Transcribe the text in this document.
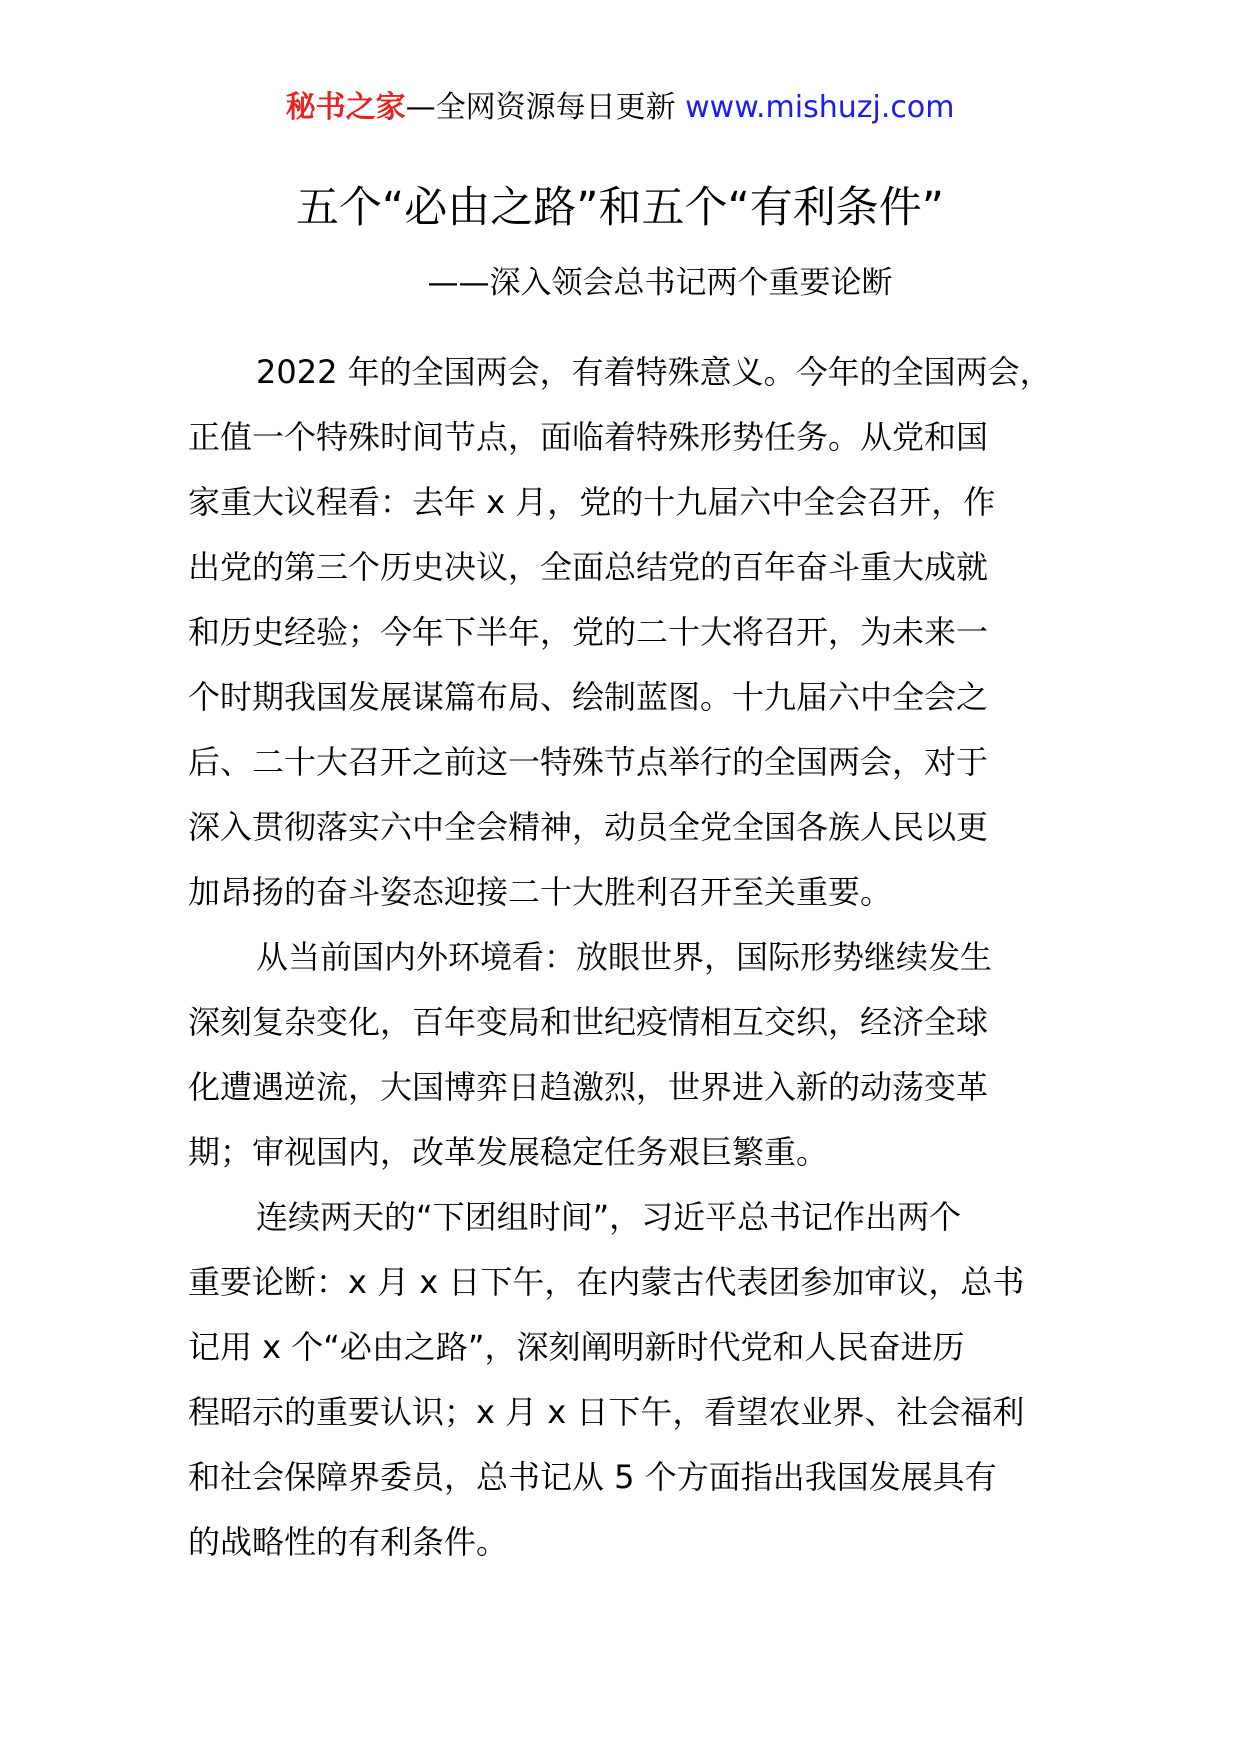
秘书之家—全网资源每日更新 www.mishuzj.com
五个“必由之路”和五个“有利条件”
——深入领会总书记两个重要论断
2022 年的全国两会，有着特殊意义。今年的全国两会，
正值一个特殊时间节点，面临着特殊形势任务。从党和国
家重大议程看：去年 x 月，党的十九届六中全会召开，作
出党的第三个历史决议，全面总结党的百年奋斗重大成就
和历史经验；今年下半年，党的二十大将召开，为未来一
个时期我国发展谋篇布局、绘制蓝图。十九届六中全会之
后、二十大召开之前这一特殊节点举行的全国两会，对于
深入贯彻落实六中全会精神，动员全党全国各族人民以更
加昂扬的奋斗姿态迎接二十大胜利召开至关重要。
从当前国内外环境看：放眼世界，国际形势继续发生
深刻复杂变化，百年变局和世纪疫情相互交织，经济全球
化遭遇逆流，大国博弈日趋激烈，世界进入新的动荡变革
期；审视国内，改革发展稳定任务艰巨繁重。
连续两天的“下团组时间”，习近平总书记作出两个
重要论断：x 月 x 日下午，在内蒙古代表团参加审议，总书
记用 x 个“必由之路”，深刻阐明新时代党和人民奋进历
程昭示的重要认识；x 月 x 日下午，看望农业界、社会福利
和社会保障界委员，总书记从 5 个方面指出我国发展具有
的战略性的有利条件。
